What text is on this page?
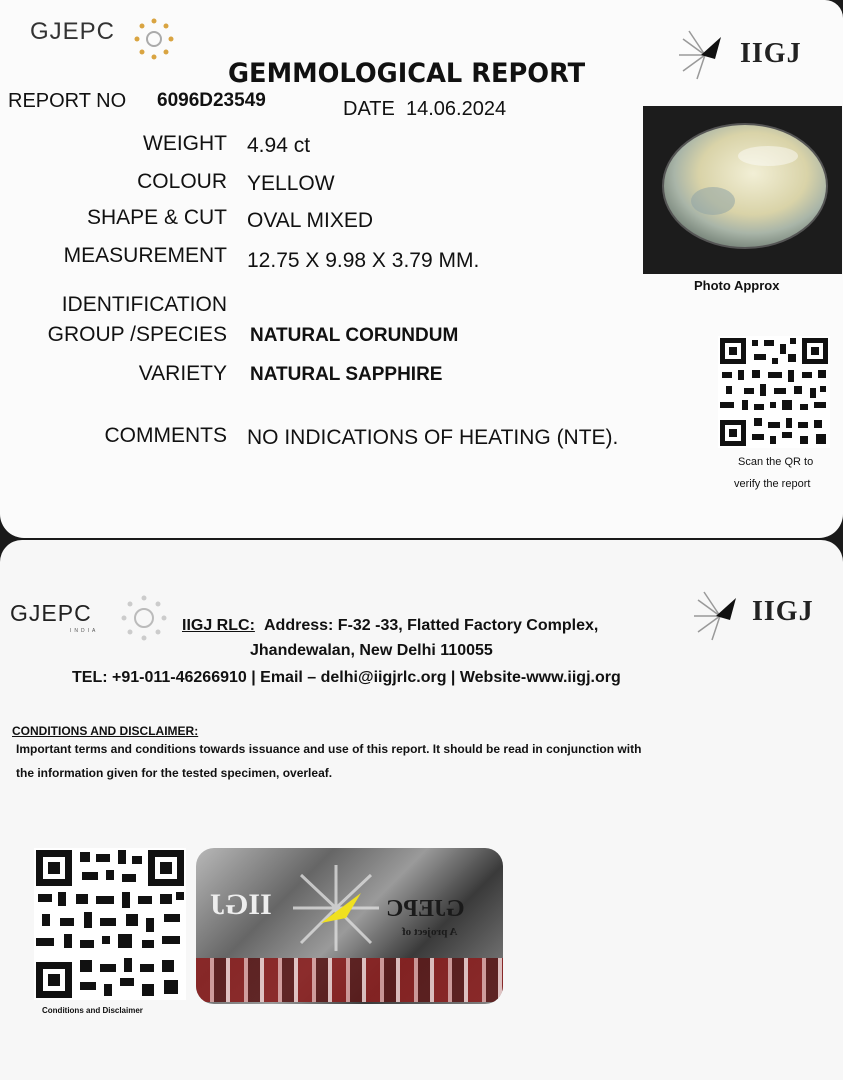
GJEPC
IIGJ
GEMMOLOGICAL REPORT
REPORT NO 6096D23549	DATE 14.06.2024
WEIGHT 4.94 ct
COLOUR YELLOW
SHAPE & CUT OVAL MIXED
MEASUREMENT 12.75 X 9.98 X 3.79 MM.
IDENTIFICATION
GROUP /SPECIES NATURAL CORUNDUM
VARIETY NATURAL SAPPHIRE
COMMENTS NO INDICATIONS OF HEATING (NTE).
Photo Approx
Scan the QR to
verify the report
GJEPC
INDIA
IIGJ
IIGJ RLC: Address: F-32 -33, Flatted Factory Complex,
Jhandewalan, New Delhi 110055
TEL: +91-011-46266910 | Email – delhi@iigjrlc.org | Website-www.iigj.org
CONDITIONS AND DISCLAIMER:
Important terms and conditions towards issuance and use of this report. It should be read in conjunction with
the information given for the tested specimen, overleaf.
Conditions and Disclaimer
IIGJ	GJEPC
A project of
